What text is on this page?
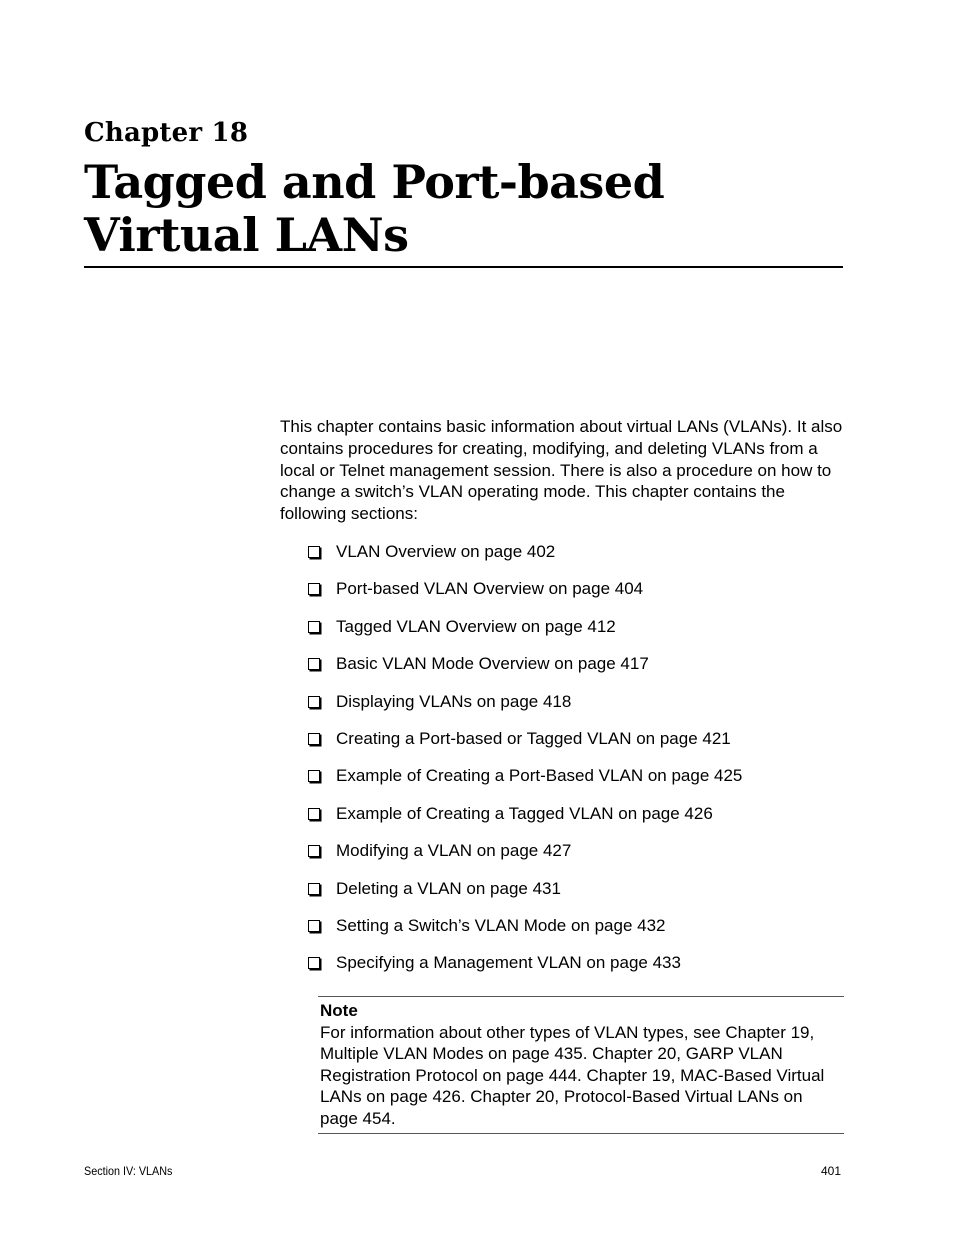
Chapter 18
Tagged and Port-based
Virtual LANs

This chapter contains basic information about virtual LANs (VLANs). It also contains procedures for creating, modifying, and deleting VLANs from a local or Telnet management session. There is also a procedure on how to change a switch’s VLAN operating mode. This chapter contains the following sections:

VLAN Overview on page 402
Port-based VLAN Overview on page 404
Tagged VLAN Overview on page 412
Basic VLAN Mode Overview on page 417
Displaying VLANs on page 418
Creating a Port-based or Tagged VLAN on page 421
Example of Creating a Port-Based VLAN on page 425
Example of Creating a Tagged VLAN on page 426
Modifying a VLAN on page 427
Deleting a VLAN on page 431
Setting a Switch’s VLAN Mode on page 432
Specifying a Management VLAN on page 433
Note
For information about other types of VLAN types, see Chapter 19, Multiple VLAN Modes on page 435. Chapter 20, GARP VLAN Registration Protocol on page 444. Chapter 19, MAC-Based Virtual LANs on page 426. Chapter 20, Protocol-Based Virtual LANs on page 454.
Section IV: VLANs	401
